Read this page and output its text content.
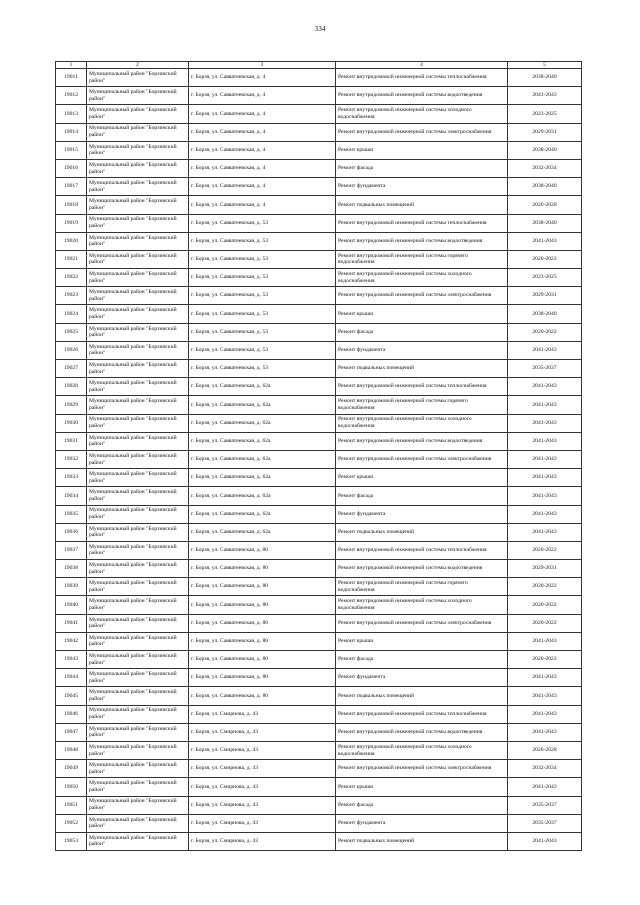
334
1	2	3	4	5
19011	Муниципальный район "Борзинский район"	г. Борзя, ул. Савватеевская, д. 4	Ремонт внутридомовой инженерной системы теплоснабжения	2038-2040
19012	Муниципальный район "Борзинский район"	г. Борзя, ул. Савватеевская, д. 4	Ремонт внутридомовой инженерной системы водоотведения	2041-2043
19013	Муниципальный район "Борзинский район"	г. Борзя, ул. Савватеевская, д. 4	Ремонт внутридомовой инженерной системы холодного водоснабжения	2023-2025
19014	Муниципальный район "Борзинский район"	г. Борзя, ул. Савватеевская, д. 4	Ремонт внутридомовой инженерной системы электроснабжения	2029-2031
19015	Муниципальный район "Борзинский район"	г. Борзя, ул. Савватеевская, д. 4	Ремонт крыши	2038-2040
19016	Муниципальный район "Борзинский район"	г. Борзя, ул. Савватеевская, д. 4	Ремонт фасада	2032-2034
19017	Муниципальный район "Борзинский район"	г. Борзя, ул. Савватеевская, д. 4	Ремонт фундамента	2038-2040
19018	Муниципальный район "Борзинский район"	г. Борзя, ул. Савватеевская, д. 4	Ремонт подвальных помещений	2026-2028
19019	Муниципальный район "Борзинский район"	г. Борзя, ул. Савватеевская, д. 53	Ремонт внутридомовой инженерной системы теплоснабжения	2038-2040
19020	Муниципальный район "Борзинский район"	г. Борзя, ул. Савватеевская, д. 53	Ремонт внутридомовой инженерной системы водоотведения	2041-2043
19021	Муниципальный район "Борзинский район"	г. Борзя, ул. Савватеевская, д. 53	Ремонт внутридомовой инженерной системы горячего водоснабжения	2020-2022
19022	Муниципальный район "Борзинский район"	г. Борзя, ул. Савватеевская, д. 53	Ремонт внутридомовой инженерной системы холодного водоснабжения	2023-2025
19023	Муниципальный район "Борзинский район"	г. Борзя, ул. Савватеевская, д. 53	Ремонт внутридомовой инженерной системы электроснабжения	2029-2031
19024	Муниципальный район "Борзинский район"	г. Борзя, ул. Савватеевская, д. 53	Ремонт крыши	2038-2040
19025	Муниципальный район "Борзинский район"	г. Борзя, ул. Савватеевская, д. 53	Ремонт фасада	2020-2022
19026	Муниципальный район "Борзинский район"	г. Борзя, ул. Савватеевская, д. 53	Ремонт фундамента	2041-2043
19027	Муниципальный район "Борзинский район"	г. Борзя, ул. Савватеевская, д. 53	Ремонт подвальных помещений	2035-2037
19028	Муниципальный район "Борзинский район"	г. Борзя, ул. Савватеевская, д. 62а	Ремонт внутридомовой инженерной системы теплоснабжения	2041-2043
19029	Муниципальный район "Борзинский район"	г. Борзя, ул. Савватеевская, д. 62а	Ремонт внутридомовой инженерной системы горячего водоснабжения	2041-2043
19030	Муниципальный район "Борзинский район"	г. Борзя, ул. Савватеевская, д. 62а	Ремонт внутридомовой инженерной системы холодного водоснабжения	2041-2043
19031	Муниципальный район "Борзинский район"	г. Борзя, ул. Савватеевская, д. 62а	Ремонт внутридомовой инженерной системы водоотведения	2041-2043
19032	Муниципальный район "Борзинский район"	г. Борзя, ул. Савватеевская, д. 62а	Ремонт внутридомовой инженерной системы электроснабжения	2041-2043
19033	Муниципальный район "Борзинский район"	г. Борзя, ул. Савватеевская, д. 62а	Ремонт крыши	2041-2043
19034	Муниципальный район "Борзинский район"	г. Борзя, ул. Савватеевская, д. 62а	Ремонт фасада	2041-2043
19035	Муниципальный район "Борзинский район"	г. Борзя, ул. Савватеевская, д. 62а	Ремонт фундамента	2041-2043
19036	Муниципальный район "Борзинский район"	г. Борзя, ул. Савватеевская, д. 62а	Ремонт подвальных помещений	2041-2043
19037	Муниципальный район "Борзинский район"	г. Борзя, ул. Савватеевская, д. 80	Ремонт внутридомовой инженерной системы теплоснабжения	2020-2022
19038	Муниципальный район "Борзинский район"	г. Борзя, ул. Савватеевская, д. 80	Ремонт внутридомовой инженерной системы водоотведения	2029-2031
19039	Муниципальный район "Борзинский район"	г. Борзя, ул. Савватеевская, д. 80	Ремонт внутридомовой инженерной системы горячего водоснабжения	2020-2022
19040	Муниципальный район "Борзинский район"	г. Борзя, ул. Савватеевская, д. 80	Ремонт внутридомовой инженерной системы холодного водоснабжения	2020-2022
19041	Муниципальный район "Борзинский район"	г. Борзя, ул. Савватеевская, д. 80	Ремонт внутридомовой инженерной системы электроснабжения	2020-2022
19042	Муниципальный район "Борзинский район"	г. Борзя, ул. Савватеевская, д. 80	Ремонт крыши	2041-2043
19043	Муниципальный район "Борзинский район"	г. Борзя, ул. Савватеевская, д. 80	Ремонт фасада	2020-2022
19044	Муниципальный район "Борзинский район"	г. Борзя, ул. Савватеевская, д. 80	Ремонт фундамента	2041-2043
19045	Муниципальный район "Борзинский район"	г. Борзя, ул. Савватеевская, д. 80	Ремонт подвальных помещений	2041-2043
19046	Муниципальный район "Борзинский район"	г. Борзя, ул. Смирнова, д. 43	Ремонт внутридомовой инженерной системы теплоснабжения	2041-2043
19047	Муниципальный район "Борзинский район"	г. Борзя, ул. Смирнова, д. 43	Ремонт внутридомовой инженерной системы водоотведения	2041-2043
19048	Муниципальный район "Борзинский район"	г. Борзя, ул. Смирнова, д. 43	Ремонт внутридомовой инженерной системы холодного водоснабжения	2026-2028
19049	Муниципальный район "Борзинский район"	г. Борзя, ул. Смирнова, д. 43	Ремонт внутридомовой инженерной системы электроснабжения	2032-2034
19050	Муниципальный район "Борзинский район"	г. Борзя, ул. Смирнова, д. 43	Ремонт крыши	2041-2043
19051	Муниципальный район "Борзинский район"	г. Борзя, ул. Смирнова, д. 43	Ремонт фасада	2035-2037
19052	Муниципальный район "Борзинский район"	г. Борзя, ул. Смирнова, д. 43	Ремонт фундамента	2035-2037
19053	Муниципальный район "Борзинский район"	г. Борзя, ул. Смирнова, д. 43	Ремонт подвальных помещений	2041-2043
